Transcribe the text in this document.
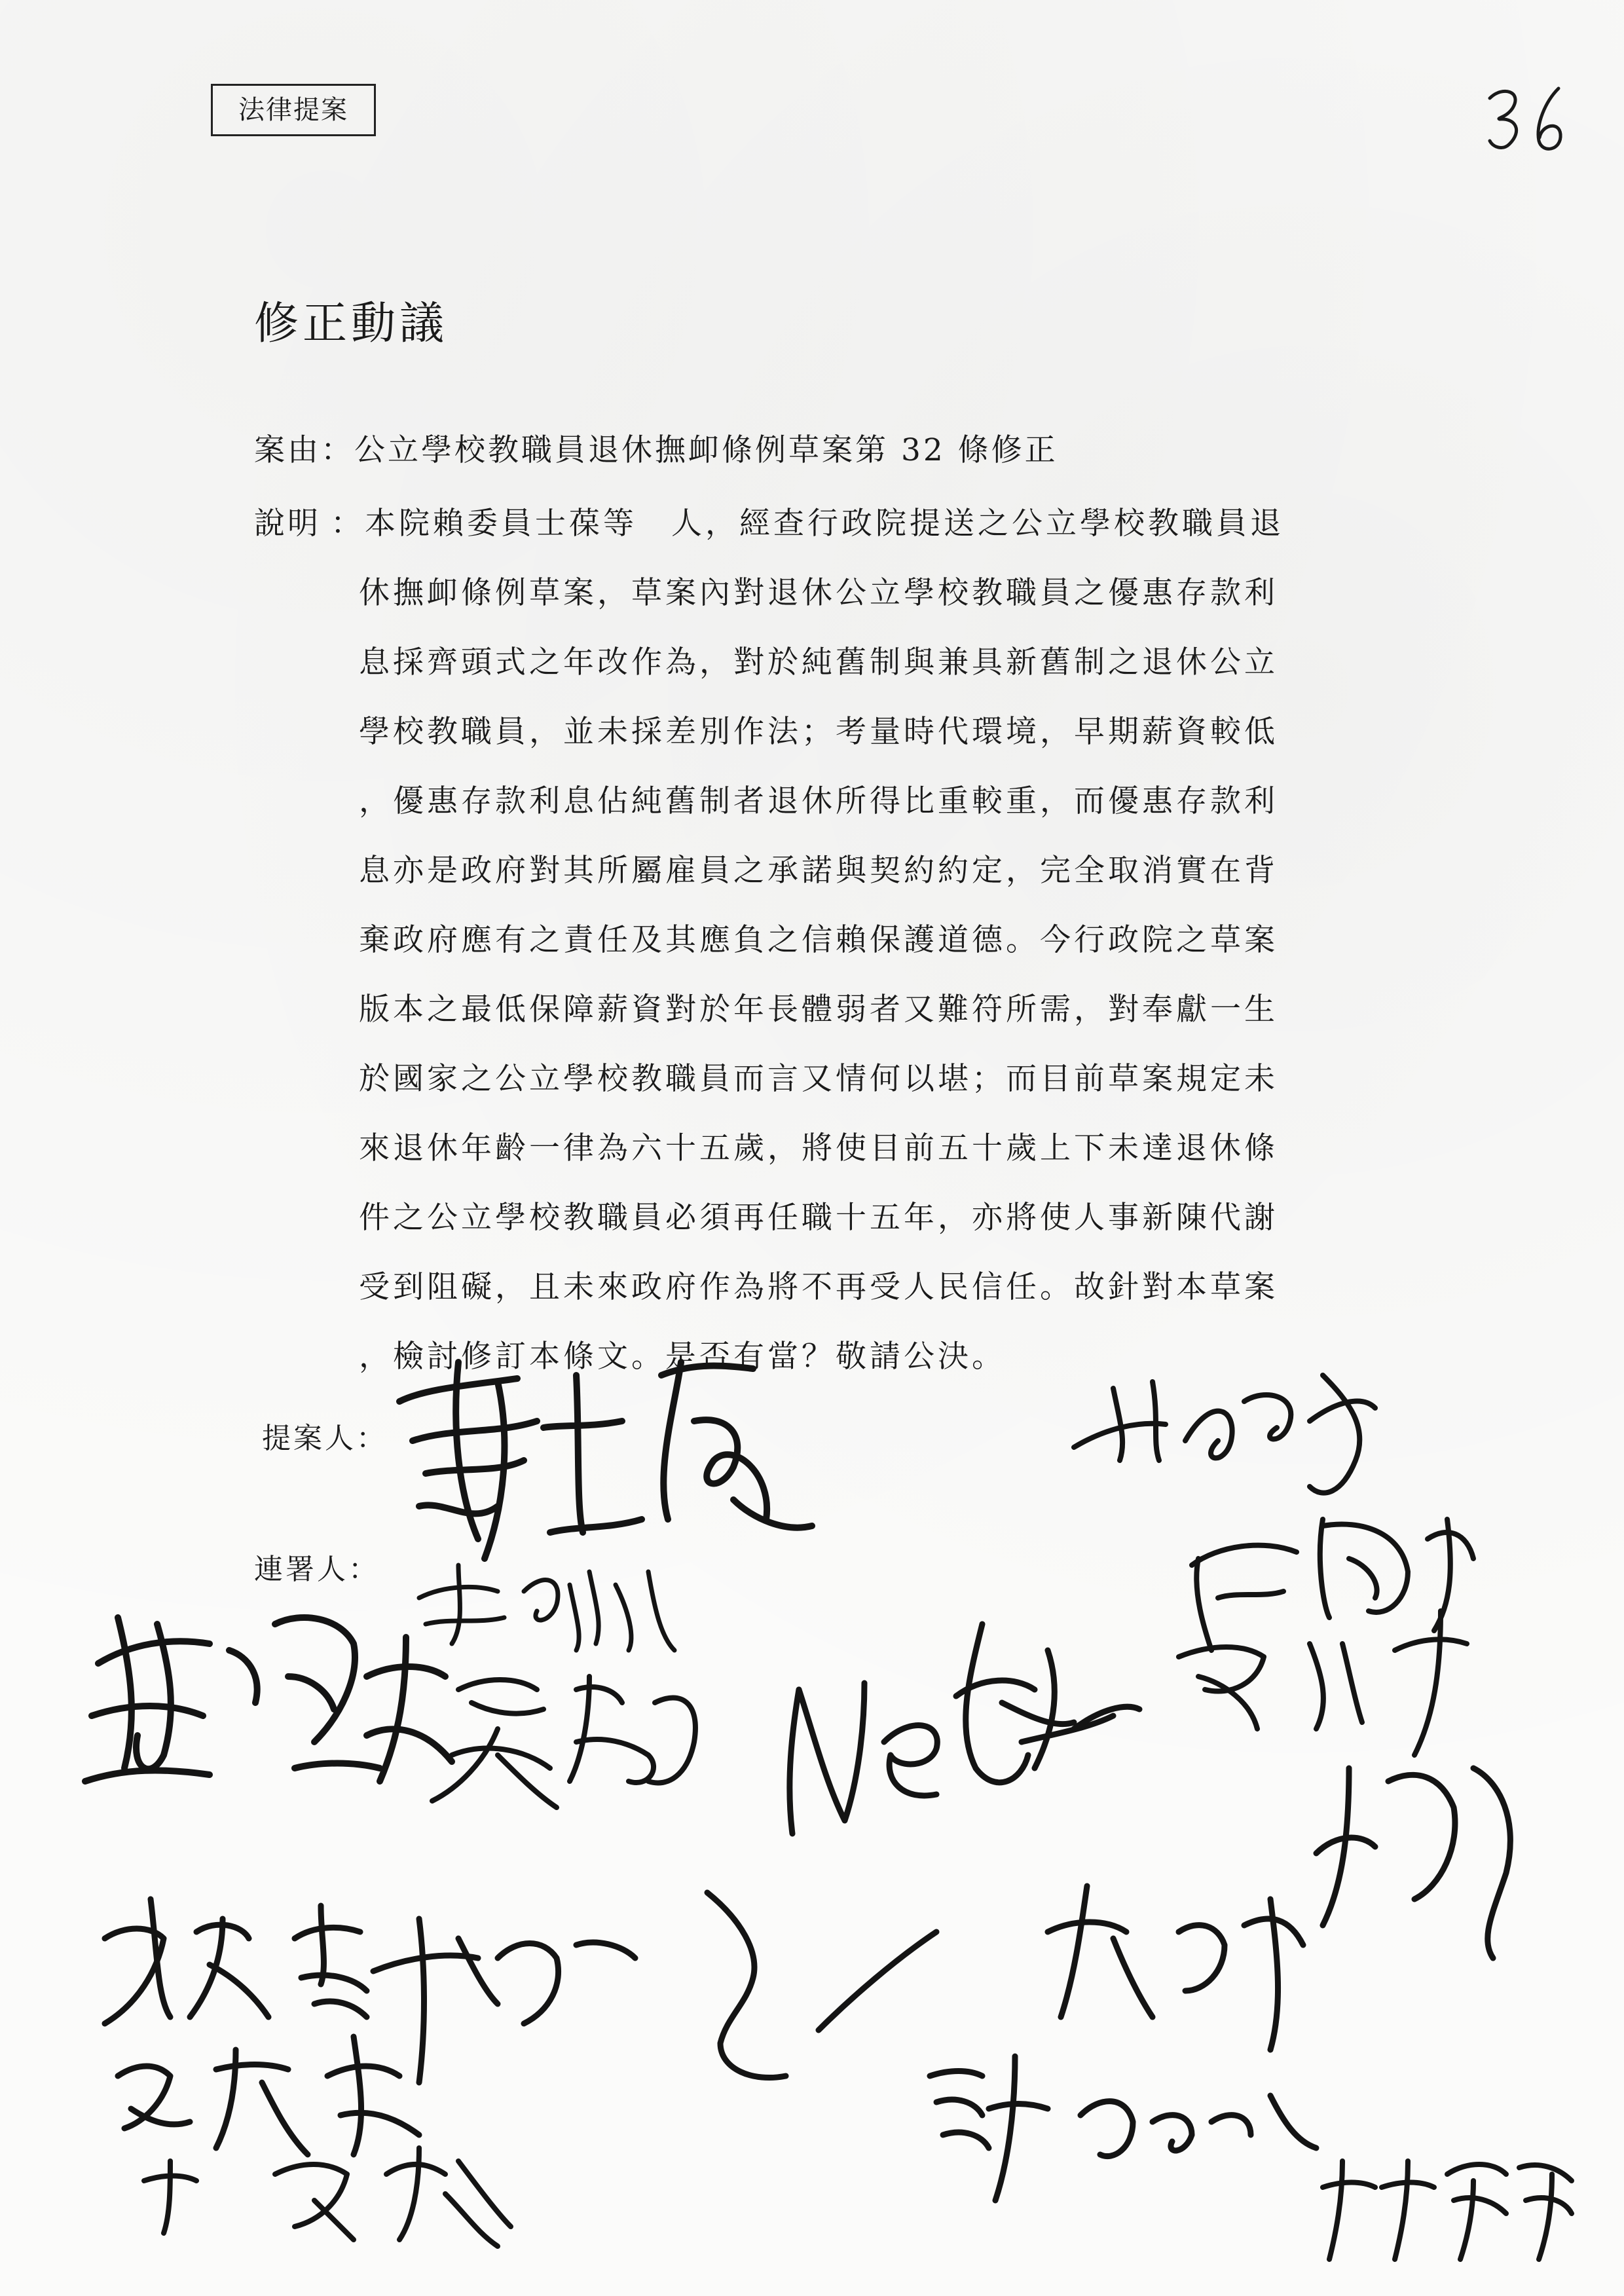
法律提案
修正動議
案由：公立學校教職員退休撫卹條例草案第 32 條修正
說明 ：本院賴委員士葆等　人，經查行政院提送之公立學校教職員退
休撫卹條例草案，草案內對退休公立學校教職員之優惠存款利
息採齊頭式之年改作為，對於純舊制與兼具新舊制之退休公立
學校教職員，並未採差別作法；考量時代環境，早期薪資較低
，優惠存款利息佔純舊制者退休所得比重較重，而優惠存款利
息亦是政府對其所屬雇員之承諾與契約約定，完全取消實在背
棄政府應有之責任及其應負之信賴保護道德。今行政院之草案
版本之最低保障薪資對於年長體弱者又難符所需，對奉獻一生
於國家之公立學校教職員而言又情何以堪；而目前草案規定未
來退休年齡一律為六十五歲，將使目前五十歲上下未達退休條
件之公立學校教職員必須再任職十五年，亦將使人事新陳代謝
受到阻礙，且未來政府作為將不再受人民信任。故針對本草案
，檢討修訂本條文。是否有當？敬請公決。
提案人：
連署人：
